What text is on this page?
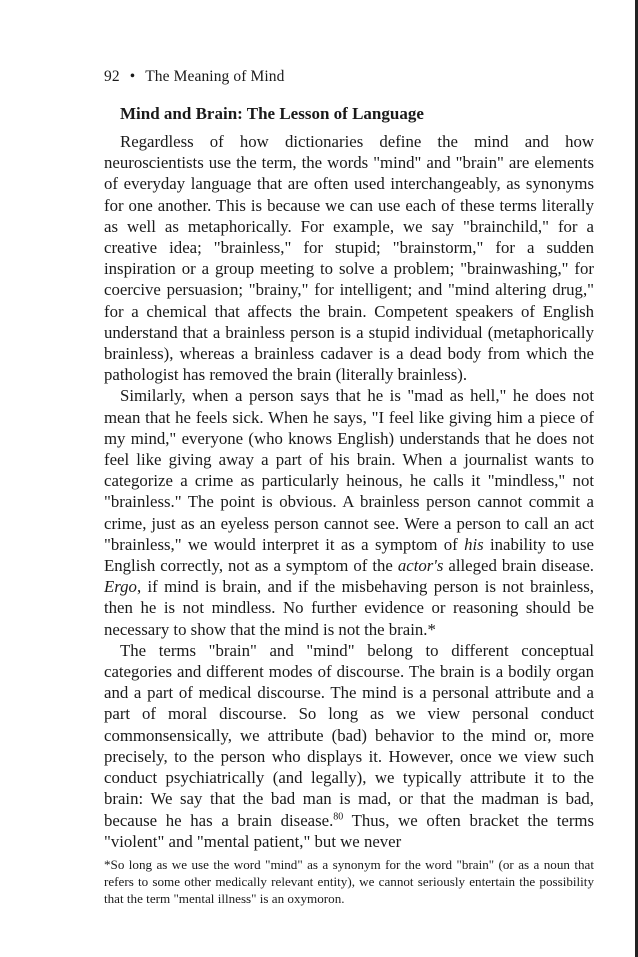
92 • The Meaning of Mind
Mind and Brain: The Lesson of Language

Regardless of how dictionaries define the mind and how neuroscientists use the term, the words "mind" and "brain" are elements of everyday language that are often used interchangeably, as synonyms for one another. This is because we can use each of these terms literally as well as metaphorically. For example, we say "brainchild," for a creative idea; "brainless," for stupid; "brainstorm," for a sudden inspiration or a group meeting to solve a problem; "brainwashing," for coercive persuasion; "brainy," for intelligent; and "mind altering drug," for a chemical that affects the brain. Competent speakers of English understand that a brainless person is a stupid individual (metaphorically brainless), whereas a brainless cadaver is a dead body from which the pathologist has removed the brain (literally brainless).

Similarly, when a person says that he is "mad as hell," he does not mean that he feels sick. When he says, "I feel like giving him a piece of my mind," everyone (who knows English) understands that he does not feel like giving away a part of his brain. When a journalist wants to categorize a crime as particularly heinous, he calls it "mindless," not "brainless." The point is obvious. A brainless person cannot commit a crime, just as an eyeless person cannot see. Were a person to call an act "brainless," we would interpret it as a symptom of his inability to use English correctly, not as a symptom of the actor's alleged brain disease. Ergo, if mind is brain, and if the misbehaving person is not brainless, then he is not mindless. No further evidence or reasoning should be necessary to show that the mind is not the brain.*

The terms "brain" and "mind" belong to different conceptual categories and different modes of discourse. The brain is a bodily organ and a part of medical discourse. The mind is a personal attribute and a part of moral discourse. So long as we view personal conduct commonsensically, we attribute (bad) behavior to the mind or, more precisely, to the person who displays it. However, once we view such conduct psychiatrically (and legally), we typically attribute it to the brain: We say that the bad man is mad, or that the madman is bad, because he has a brain disease.$^{80}$ Thus, we often bracket the terms "violent" and "mental patient," but we never

*So long as we use the word "mind" as a synonym for the word "brain" (or as a noun that refers to some other medically relevant entity), we cannot seriously entertain the possibility that the term "mental illness" is an oxymoron.
